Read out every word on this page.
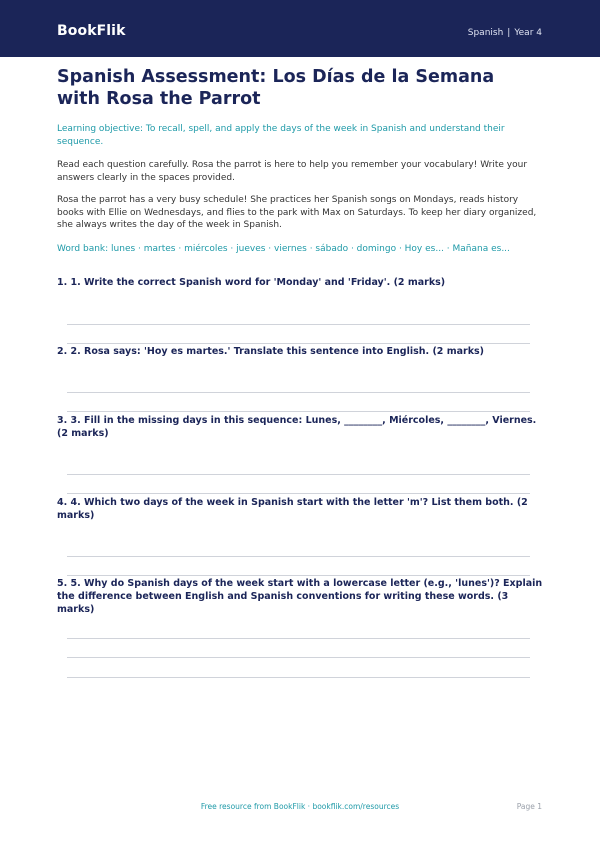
BookFlik	Spanish | Year 4
Spanish Assessment: Los Días de la Semana with Rosa the Parrot
Learning objective: To recall, spell, and apply the days of the week in Spanish and understand their sequence.
Read each question carefully. Rosa the parrot is here to help you remember your vocabulary! Write your answers clearly in the spaces provided.
Rosa the parrot has a very busy schedule! She practices her Spanish songs on Mondays, reads history books with Ellie on Wednesdays, and flies to the park with Max on Saturdays. To keep her diary organized, she always writes the day of the week in Spanish.
Word bank: lunes · martes · miércoles · jueves · viernes · sábado · domingo · Hoy es... · Mañana es...
1. 1. Write the correct Spanish word for 'Monday' and 'Friday'. (2 marks)
2. 2. Rosa says: 'Hoy es martes.' Translate this sentence into English. (2 marks)
3. 3. Fill in the missing days in this sequence: Lunes, ________, Miércoles, ________, Viernes. (2 marks)
4. 4. Which two days of the week in Spanish start with the letter 'm'? List them both. (2 marks)
5. 5. Why do Spanish days of the week start with a lowercase letter (e.g., 'lunes')? Explain the difference between English and Spanish conventions for writing these words. (3 marks)
Free resource from BookFlik · bookflik.com/resources	Page 1
